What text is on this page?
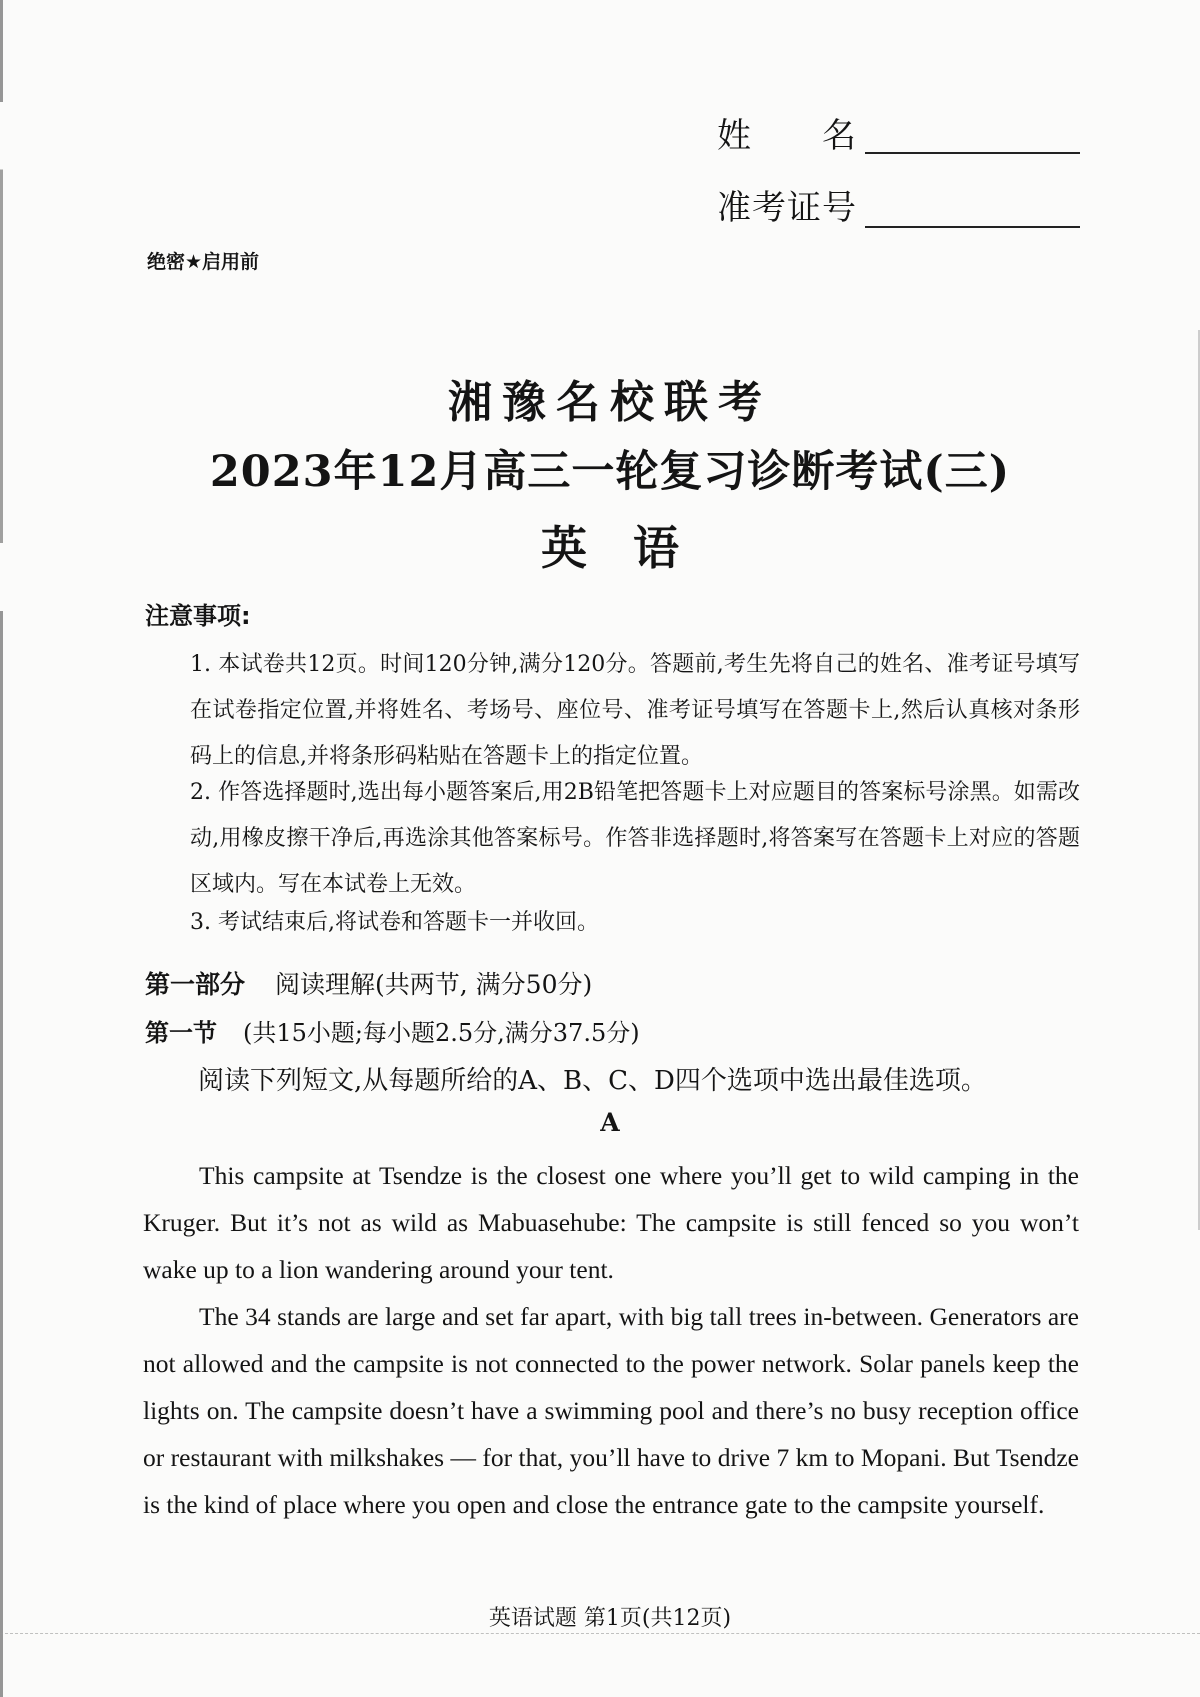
姓　　名
准考证号
绝密★启用前
湘豫名校联考
2023年12月高三一轮复习诊断考试(三)
英　语
注意事项:
1. 本试卷共12页。时间120分钟,满分120分。答题前,考生先将自己的姓名、准考证号填写在试卷指定位置,并将姓名、考场号、座位号、准考证号填写在答题卡上,然后认真核对条形码上的信息,并将条形码粘贴在答题卡上的指定位置。
2. 作答选择题时,选出每小题答案后,用2B铅笔把答题卡上对应题目的答案标号涂黑。如需改动,用橡皮擦干净后,再选涂其他答案标号。作答非选择题时,将答案写在答题卡上对应的答题区域内。写在本试卷上无效。
3. 考试结束后,将试卷和答题卡一并收回。
第一部分 阅读理解(共两节, 满分50分)
第一节 (共15小题;每小题2.5分,满分37.5分)
阅读下列短文,从每题所给的A、B、C、D四个选项中选出最佳选项。
A

This campsite at Tsendze is the closest one where you’ll get to wild camping in the Kruger. But it’s not as wild as Mabuasehube: The campsite is still fenced so you won’t wake up to a lion wandering around your tent.

The 34 stands are large and set far apart, with big tall trees in-between. Generators are not allowed and the campsite is not connected to the power network. Solar panels keep the lights on. The campsite doesn’t have a swimming pool and there’s no busy reception office or restaurant with milkshakes — for that, you’ll have to drive 7 km to Mopani. But Tsendze is the kind of place where you open and close the entrance gate to the campsite yourself.

英语试题 第1页(共12页)
